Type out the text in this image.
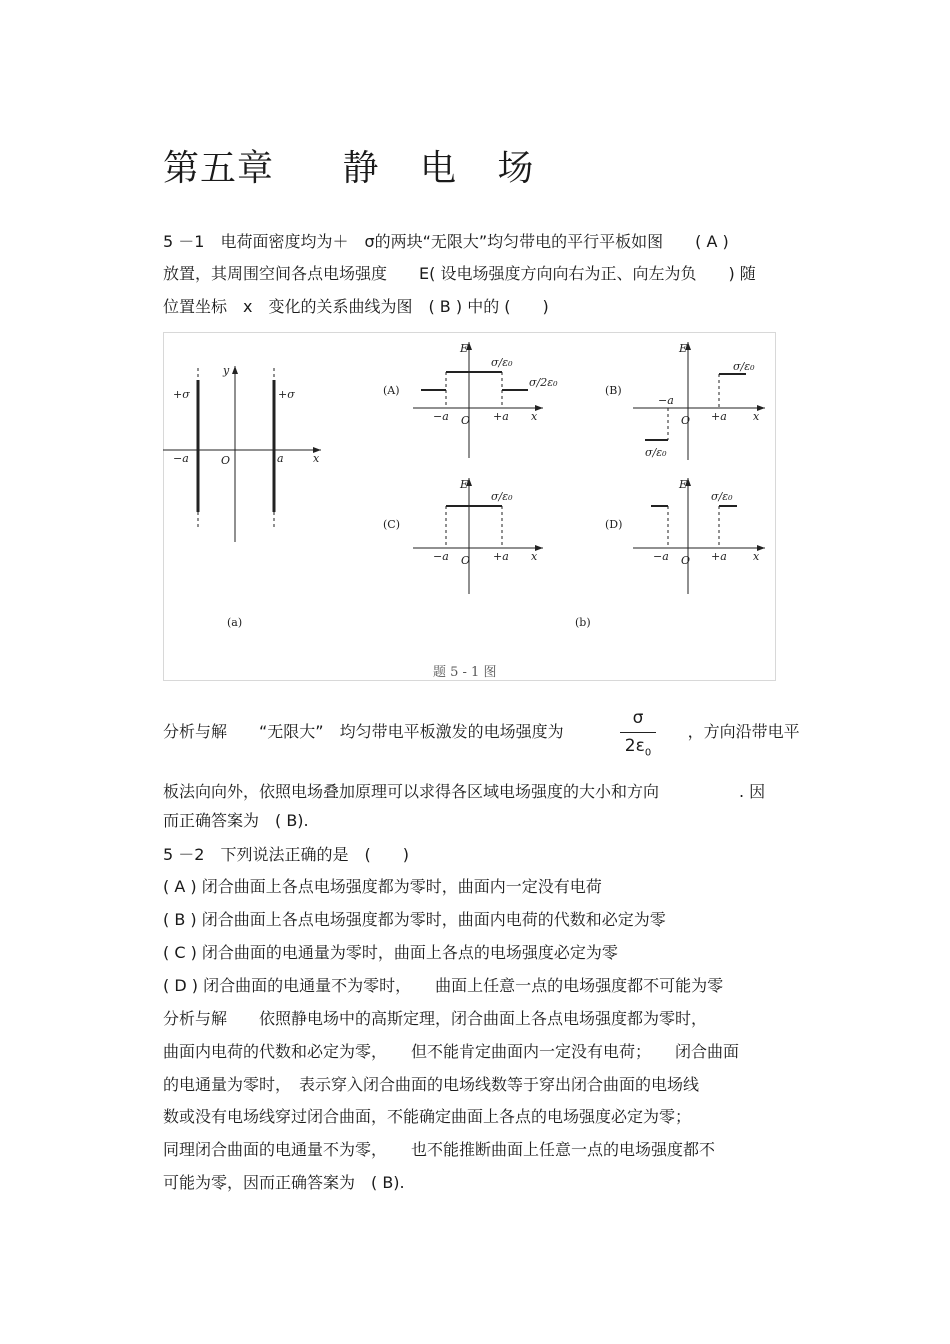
第五章 静 电 场
5 －1　电荷面密度均为＋　σ的两块“无限大”均匀带电的平行平板如图　　( A )
放置，其周围空间各点电场强度　　E( 设电场强度方向向右为正、向左为负　　) 随
位置坐标　x　变化的关系曲线为图　( B ) 中的 (　　)
+σ	+σ
y
x
−a	O	a
(A)
E
σ/ε₀
σ/2ε₀
−a O +a x
(B)
E
σ/ε₀
−a
O +a x
σ/ε₀
(C)
E
σ/ε₀
−a O +a x
(D)
E
σ/ε₀
−a O +a x
(a)	(b)
题 5 - 1 图
分析与解　　“无限大”　均匀带电平板激发的电场强度为	，方向沿带电平
σ
$2\varepsilon_0$
板法向向外，依照电场叠加原理可以求得各区域电场强度的大小和方向　　　　　. 因
而正确答案为　( B).
5 －2　下列说法正确的是　(　　)
( A ) 闭合曲面上各点电场强度都为零时，曲面内一定没有电荷
( B ) 闭合曲面上各点电场强度都为零时，曲面内电荷的代数和必定为零
( C ) 闭合曲面的电通量为零时，曲面上各点的电场强度必定为零
( D ) 闭合曲面的电通量不为零时，　　曲面上任意一点的电场强度都不可能为零
分析与解　　依照静电场中的高斯定理，闭合曲面上各点电场强度都为零时，
曲面内电荷的代数和必定为零，　　但不能肯定曲面内一定没有电荷；　　闭合曲面
的电通量为零时，　表示穿入闭合曲面的电场线数等于穿出闭合曲面的电场线
数或没有电场线穿过闭合曲面，不能确定曲面上各点的电场强度必定为零；
同理闭合曲面的电通量不为零，　　也不能推断曲面上任意一点的电场强度都不
可能为零，因而正确答案为　( B).
